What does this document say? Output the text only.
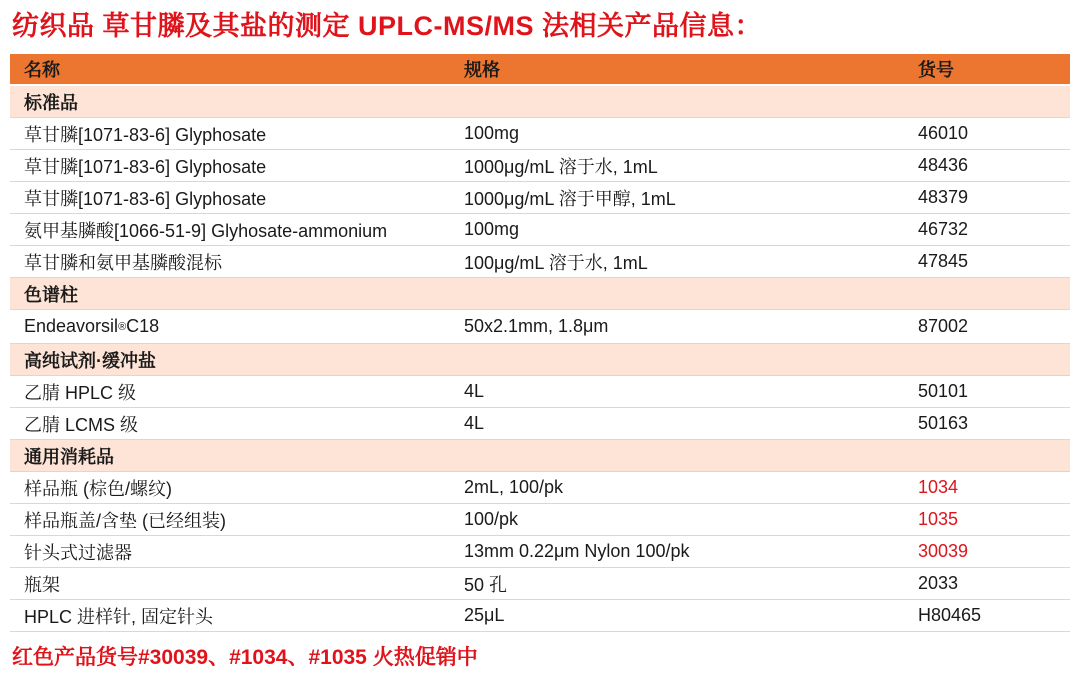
纺织品 草甘膦及其盐的测定 UPLC-MS/MS 法相关产品信息：
名称	规格	货号
标准品
草甘膦[1071-83-6] Glyphosate	100mg	46010
草甘膦[1071-83-6] Glyphosate	1000μg/mL 溶于水, 1mL	48436
草甘膦[1071-83-6] Glyphosate	1000μg/mL 溶于甲醇, 1mL	48379
氨甲基膦酸[1066-51-9] Glyhosate-ammonium	100mg	46732
草甘膦和氨甲基膦酸混标	100μg/mL 溶于水, 1mL	47845
色谱柱
Endeavorsil ® C18	50x2.1mm, 1.8μm	87002
高纯试剂·缓冲盐
乙腈 HPLC 级	4L	50101
乙腈 LCMS 级	4L	50163
通用消耗品
样品瓶 (棕色/螺纹)	2mL, 100/pk	1034
样品瓶盖/含垫 (已经组装)	100/pk	1035
针头式过滤器	13mm 0.22μm Nylon 100/pk	30039
瓶架	50 孔	2033
HPLC 进样针, 固定针头	25μL	H80465
红色产品货号#30039、#1034、#1035 火热促销中
